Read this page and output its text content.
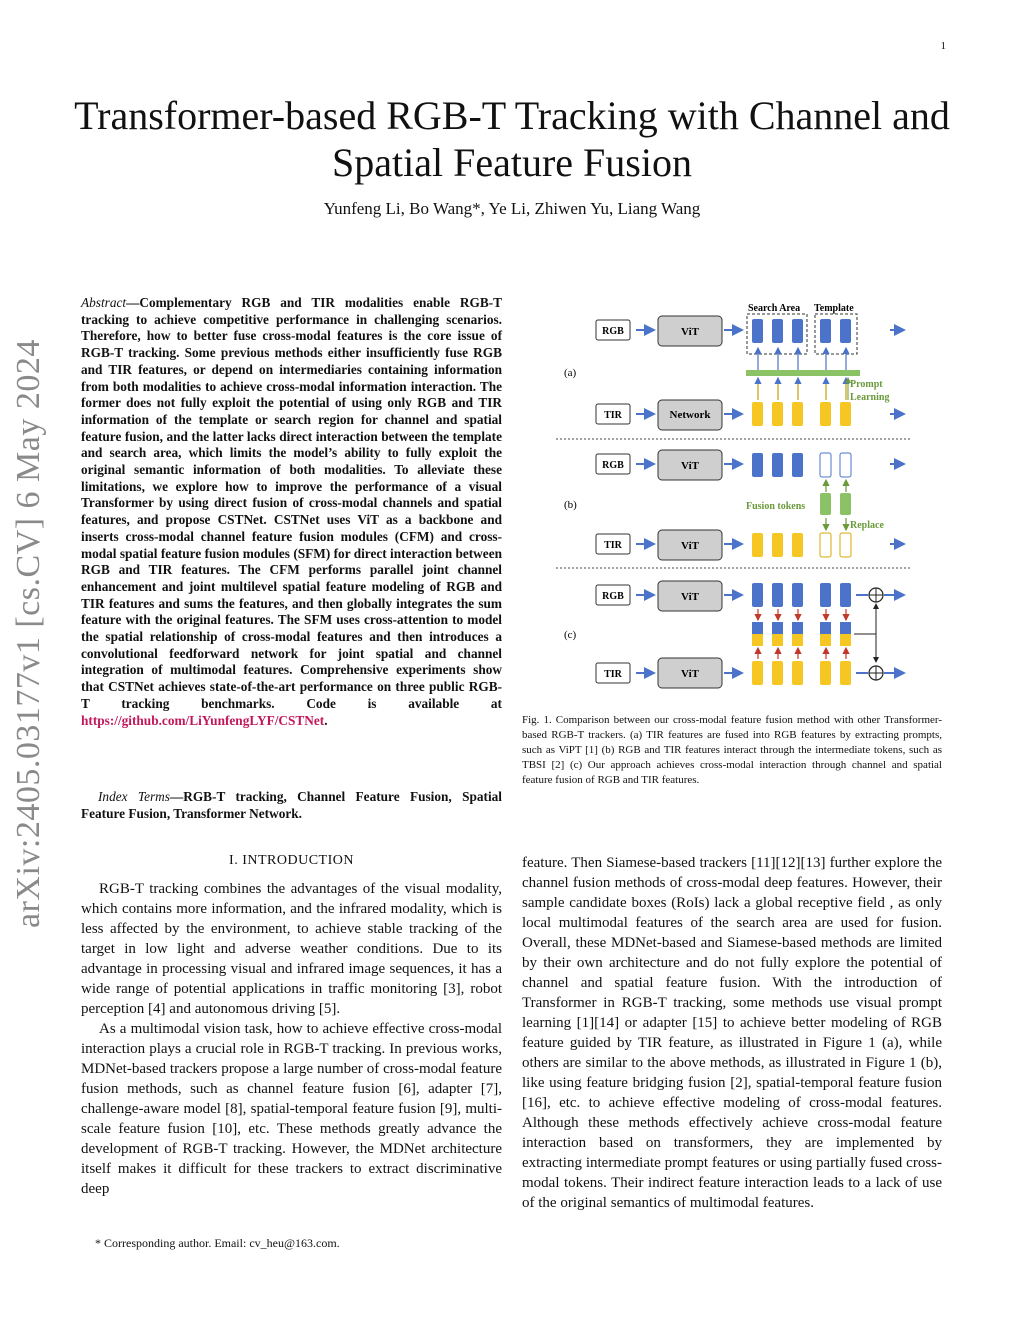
1
Transformer-based RGB-T Tracking with Channel and Spatial Feature Fusion
Yunfeng Li, Bo Wang*, Ye Li, Zhiwen Yu, Liang Wang
arXiv:2405.03177v1 [cs.CV] 6 May 2024
Abstract—Complementary RGB and TIR modalities enable RGB-T tracking to achieve competitive performance in challenging scenarios. Therefore, how to better fuse cross-modal features is the core issue of RGB-T tracking. Some previous methods either insufficiently fuse RGB and TIR features, or depend on intermediaries containing information from both modalities to achieve cross-modal information interaction. The former does not fully exploit the potential of using only RGB and TIR information of the template or search region for channel and spatial feature fusion, and the latter lacks direct interaction between the template and search area, which limits the model’s ability to fully exploit the original semantic information of both modalities. To alleviate these limitations, we explore how to improve the performance of a visual Transformer by using direct fusion of cross-modal channels and spatial features, and propose CSTNet. CSTNet uses ViT as a backbone and inserts cross-modal channel feature fusion modules (CFM) and cross-modal spatial feature fusion modules (SFM) for direct interaction between RGB and TIR features. The CFM performs parallel joint channel enhancement and joint multilevel spatial feature modeling of RGB and TIR features and sums the features, and then globally integrates the sum feature with the original features. The SFM uses cross-attention to model the spatial relationship of cross-modal features and then introduces a convolutional feedforward network for joint spatial and channel integration of multimodal features. Comprehensive experiments show that CSTNet achieves state-of-the-art performance on three public RGB-T tracking benchmarks. Code is available at https://github.com/LiYunfengLYF/CSTNet.
Index Terms—RGB-T tracking, Channel Feature Fusion, Spatial Feature Fusion, Transformer Network.
(a)
Search Area Template
RGB	ViT
Prompt
Learning
TIR	Network
(b)
RGB	ViT
Fusion tokens
Replace
TIR	ViT
(c)
RGB	ViT
TIR	ViT
Fig. 1. Comparison between our cross-modal feature fusion method with other Transformer-based RGB-T trackers. (a) TIR features are fused into RGB features by extracting prompts, such as ViPT [1] (b) RGB and TIR features interact through the intermediate tokens, such as TBSI [2] (c) Our approach achieves cross-modal interaction through channel and spatial feature fusion of RGB and TIR features.
I. INTRODUCTION

RGB-T tracking combines the advantages of the visual modality, which contains more information, and the infrared modality, which is less affected by the environment, to achieve stable tracking of the target in low light and adverse weather conditions. Due to its advantage in processing visual and infrared image sequences, it has a wide range of potential applications in traffic monitoring [3], robot perception [4] and autonomous driving [5].

As a multimodal vision task, how to achieve effective cross-modal interaction plays a crucial role in RGB-T tracking. In previous works, MDNet-based trackers propose a large number of cross-modal feature fusion methods, such as channel feature fusion [6], adapter [7], challenge-aware model [8], spatial-temporal feature fusion [9], multi-scale feature fusion [10], etc. These methods greatly advance the development of RGB-T tracking. However, the MDNet architecture itself makes it difficult for these trackers to extract discriminative deep

feature. Then Siamese-based trackers [11][12][13] further explore the channel fusion methods of cross-modal deep features. However, their sample candidate boxes (RoIs) lack a global receptive field , as only local multimodal features of the search area are used for fusion. Overall, these MDNet-based and Siamese-based methods are limited by their own architecture and do not fully explore the potential of channel and spatial feature fusion. With the introduction of Transformer in RGB-T tracking, some methods use visual prompt learning [1][14] or adapter [15] to achieve better modeling of RGB feature guided by TIR feature, as illustrated in Figure 1 (a), while others are similar to the above methods, as illustrated in Figure 1 (b), like using feature bridging fusion [2], spatial-temporal feature fusion [16], etc. to achieve effective modeling of cross-modal features. Although these methods effectively achieve cross-modal feature interaction based on transformers, they are implemented by extracting intermediate prompt features or using partially fused cross-modal tokens. Their indirect feature interaction leads to a lack of use of the original semantics of multimodal features.

* Corresponding author. Email: cv_heu@163.com.
